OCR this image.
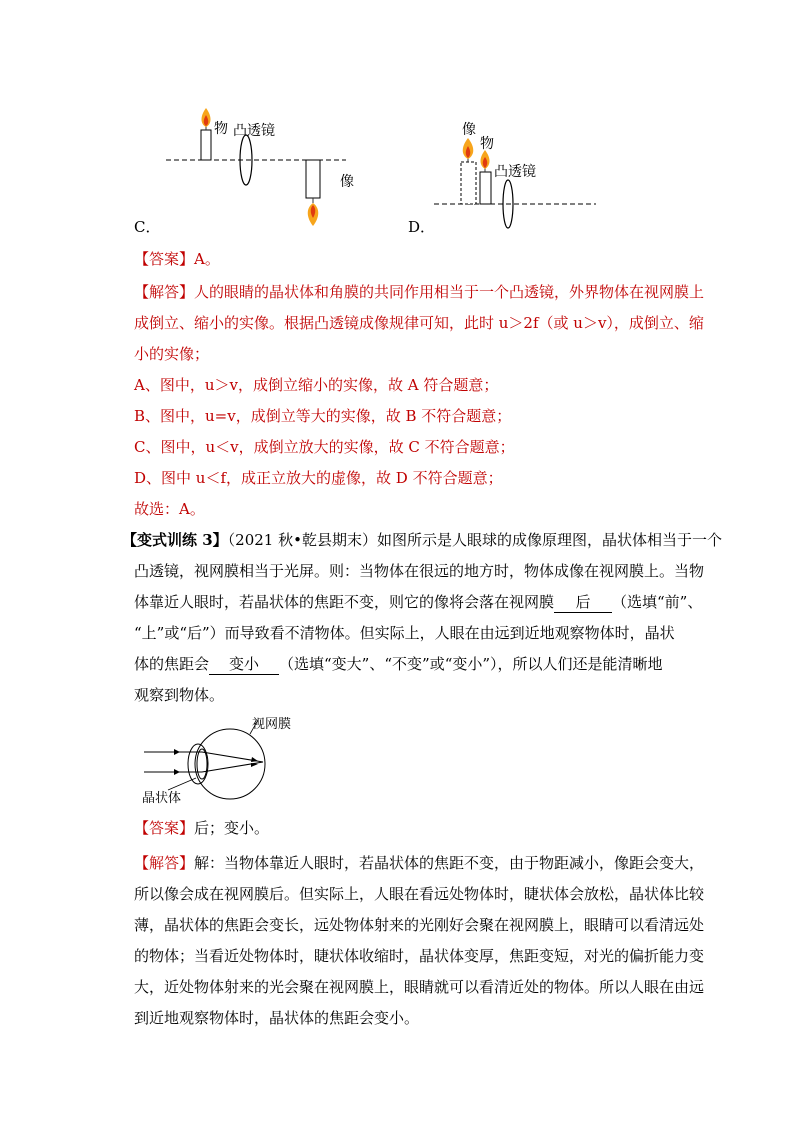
物 凸透镜
像
C．
像
物
凸透镜
D．
【答案】A。
【解答】人的眼睛的晶状体和角膜的共同作用相当于一个凸透镜，外界物体在视网膜上
成倒立、缩小的实像。根据凸透镜成像规律可知，此时 u＞2f（或 u＞v），成倒立、缩
小的实像；
A、图中，u＞v，成倒立缩小的实像，故 A 符合题意；
B、图中，u=v，成倒立等大的实像，故 B 不符合题意；
C、图中，u＜v，成倒立放大的实像，故 C 不符合题意；
D、图中 u＜f，成正立放大的虚像，故 D 不符合题意；
故选：A。
【变式训练 3】（2021 秋•乾县期末）如图所示是人眼球的成像原理图，晶状体相当于一个
凸透镜，视网膜相当于光屏。则：当物体在很远的地方时，物体成像在视网膜上。当物
体靠近人眼时，若晶状体的焦距不变，则它的像将会落在视网膜 后 （选填“前”、
“上”或“后”）而导致看不清物体。但实际上，人眼在由远到近地观察物体时，晶状
体的焦距会 变小 （选填“变大”、“不变”或“变小”），所以人们还是能清晰地
观察到物体。
视网膜
晶状体
【答案】后；变小。
【解答】解：当物体靠近人眼时，若晶状体的焦距不变，由于物距减小，像距会变大，
所以像会成在视网膜后。但实际上，人眼在看远处物体时，睫状体会放松，晶状体比较
薄，晶状体的焦距会变长，远处物体射来的光刚好会聚在视网膜上，眼睛可以看清远处
的物体；当看近处物体时，睫状体收缩时，晶状体变厚，焦距变短，对光的偏折能力变
大，近处物体射来的光会聚在视网膜上，眼睛就可以看清近处的物体。所以人眼在由远
到近地观察物体时，晶状体的焦距会变小。
